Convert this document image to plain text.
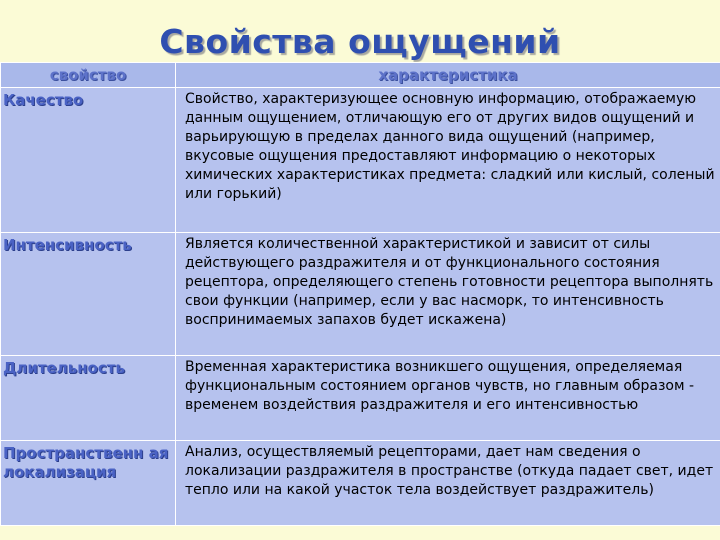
Свойства ощущений
свойство	характеристика
Качество	Свойство, характеризующее основную информацию, отображаемую данным ощущением, отличающую его от других видов ощущений и варьирующую в пределах данного вида ощущений (например, вкусовые ощущения предоставляют информацию о некоторых химических характеристиках предмета: сладкий или кислый, соленый или горький)
Интенсивность	Является количественной характеристикой и зависит от силы действующего раздражителя и от функционального состояния рецептора, определяющего степень готовности рецептора выполнять свои функции (например, если у вас насморк, то интенсивность воспринимаемых запахов будет искажена)
Длительность	Временная характеристика возникшего ощущения, определяемая функциональным состоянием органов чувств, но главным образом - временем воздействия раздражителя и его интенсивностью
Пространственн ая локализация	Анализ, осуществляемый рецепторами, дает нам сведения о локализации раздражителя в пространстве (откуда падает свет, идет тепло или на какой участок тела воздействует раздражитель)
